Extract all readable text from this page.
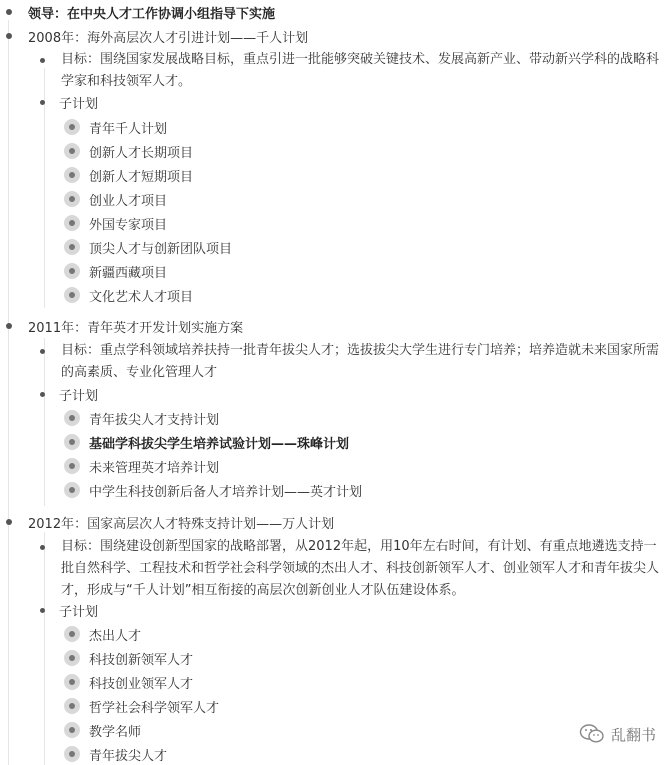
领导：在中央人才工作协调小组指导下实施
2008年：海外高层次人才引进计划——千人计划
目标：围绕国家发展战略目标，重点引进一批能够突破关键技术、发展高新产业、带动新兴学科的战略科学家和科技领军人才。
子计划
青年千人计划
创新人才长期项目
创新人才短期项目
创业人才项目
外国专家项目
顶尖人才与创新团队项目
新疆西藏项目
文化艺术人才项目
2011年：青年英才开发计划实施方案
目标：重点学科领域培养扶持一批青年拔尖人才；选拔拔尖大学生进行专门培养；培养造就未来国家所需的高素质、专业化管理人才
子计划
青年拔尖人才支持计划
基础学科拔尖学生培养试验计划——珠峰计划
未来管理英才培养计划
中学生科技创新后备人才培养计划——英才计划
2012年：国家高层次人才特殊支持计划——万人计划
目标：围绕建设创新型国家的战略部署，从2012年起，用10年左右时间，有计划、有重点地遴选支持一批自然科学、工程技术和哲学社会科学领域的杰出人才、科技创新领军人才、创业领军人才和青年拔尖人才，形成与“千人计划”相互衔接的高层次创新创业人才队伍建设体系。
子计划
杰出人才
科技创新领军人才
科技创业领军人才
哲学社会科学领军人才
教学名师
青年拔尖人才
乱翻书
